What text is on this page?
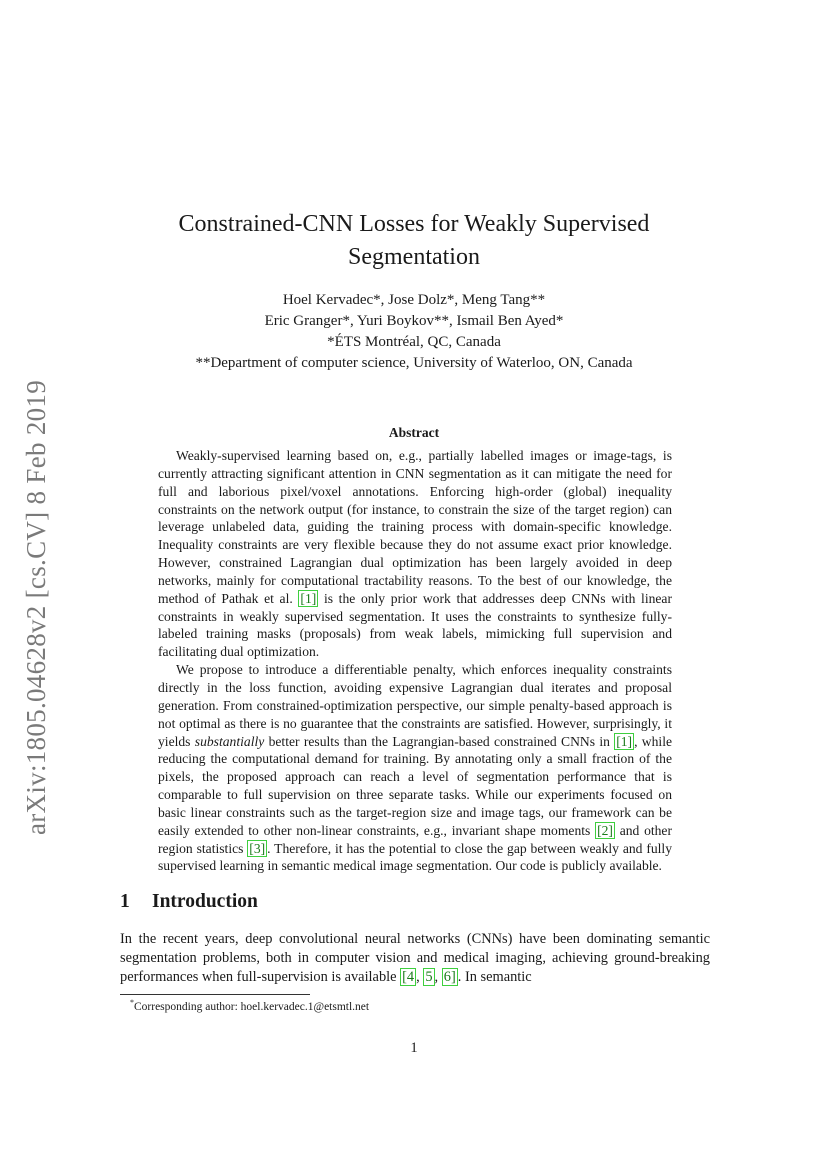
arXiv:1805.04628v2 [cs.CV] 8 Feb 2019
Constrained-CNN Losses for Weakly Supervised
Segmentation
Hoel Kervadec*, Jose Dolz*, Meng Tang**
Eric Granger*, Yuri Boykov**, Ismail Ben Ayed*
*ÉTS Montréal, QC, Canada
**Department of computer science, University of Waterloo, ON, Canada
Abstract

Weakly-supervised learning based on, e.g., partially labelled images or image-tags, is currently attracting significant attention in CNN segmentation as it can mitigate the need for full and laborious pixel/voxel annotations. Enforcing high-order (global) inequality constraints on the network output (for instance, to constrain the size of the target region) can leverage unlabeled data, guiding the training process with domain-specific knowledge. Inequality constraints are very flexible because they do not assume exact prior knowledge. However, constrained Lagrangian dual optimization has been largely avoided in deep networks, mainly for computational tractability reasons. To the best of our knowledge, the method of Pathak et al. [1] is the only prior work that addresses deep CNNs with linear constraints in weakly supervised segmentation. It uses the constraints to synthesize fully-labeled training masks (proposals) from weak labels, mimicking full supervision and facilitating dual optimization.

We propose to introduce a differentiable penalty, which enforces inequality constraints directly in the loss function, avoiding expensive Lagrangian dual iterates and proposal generation. From constrained-optimization perspective, our simple penalty-based approach is not optimal as there is no guarantee that the constraints are satisfied. However, surprisingly, it yields substantially better results than the Lagrangian-based constrained CNNs in [1] , while reducing the computational demand for training. By annotating only a small fraction of the pixels, the proposed approach can reach a level of segmentation performance that is comparable to full supervision on three separate tasks. While our experiments focused on basic linear constraints such as the target-region size and image tags, our framework can be easily extended to other non-linear constraints, e.g., invariant shape moments [2] and other region statistics [3] . Therefore, it has the potential to close the gap between weakly and fully supervised learning in semantic medical image segmentation. Our code is publicly available.

1 Introduction

In the recent years, deep convolutional neural networks (CNNs) have been dominating semantic segmentation problems, both in computer vision and medical imaging, achieving ground-breaking performances when full-supervision is available [4 , 5 , 6] . In semantic

*Corresponding author: hoel.kervadec.1@etsmtl.net
1
